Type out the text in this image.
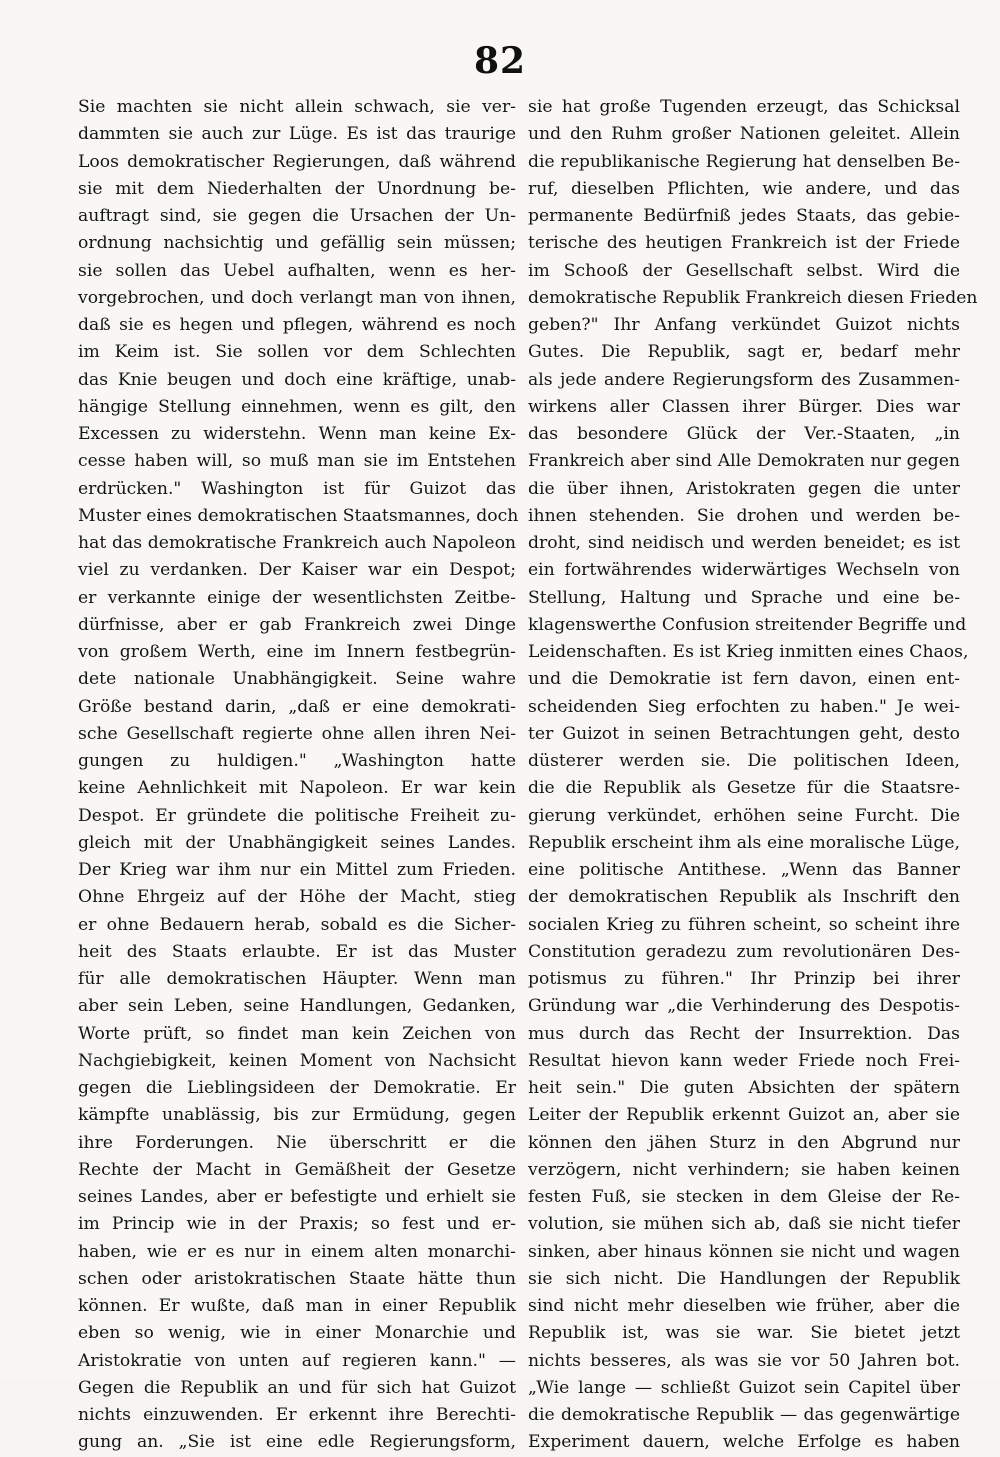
82
Sie machten sie nicht allein schwach, sie ver-
dammten sie auch zur Lüge. Es ist das traurige
Loos demokratischer Regierungen, daß während
sie mit dem Niederhalten der Unordnung be-
auftragt sind, sie gegen die Ursachen der Un-
ordnung nachsichtig und gefällig sein müssen;
sie sollen das Uebel aufhalten, wenn es her-
vorgebrochen, und doch verlangt man von ihnen,
daß sie es hegen und pflegen, während es noch
im Keim ist. Sie sollen vor dem Schlechten
das Knie beugen und doch eine kräftige, unab-
hängige Stellung einnehmen, wenn es gilt, den
Excessen zu widerstehn. Wenn man keine Ex-
cesse haben will, so muß man sie im Entstehen
erdrücken." Washington ist für Guizot das
Muster eines demokratischen Staatsmannes, doch
hat das demokratische Frankreich auch Napoleon
viel zu verdanken. Der Kaiser war ein Despot;
er verkannte einige der wesentlichsten Zeitbe-
dürfnisse, aber er gab Frankreich zwei Dinge
von großem Werth, eine im Innern festbegrün-
dete nationale Unabhängigkeit. Seine wahre
Größe bestand darin, „daß er eine demokrati-
sche Gesellschaft regierte ohne allen ihren Nei-
gungen zu huldigen." „Washington hatte
keine Aehnlichkeit mit Napoleon. Er war kein
Despot. Er gründete die politische Freiheit zu-
gleich mit der Unabhängigkeit seines Landes.
Der Krieg war ihm nur ein Mittel zum Frieden.
Ohne Ehrgeiz auf der Höhe der Macht, stieg
er ohne Bedauern herab, sobald es die Sicher-
heit des Staats erlaubte. Er ist das Muster
für alle demokratischen Häupter. Wenn man
aber sein Leben, seine Handlungen, Gedanken,
Worte prüft, so findet man kein Zeichen von
Nachgiebigkeit, keinen Moment von Nachsicht
gegen die Lieblingsideen der Demokratie. Er
kämpfte unablässig, bis zur Ermüdung, gegen
ihre Forderungen. Nie überschritt er die
Rechte der Macht in Gemäßheit der Gesetze
seines Landes, aber er befestigte und erhielt sie
im Princip wie in der Praxis; so fest und er-
haben, wie er es nur in einem alten monarchi-
schen oder aristokratischen Staate hätte thun
können. Er wußte, daß man in einer Republik
eben so wenig, wie in einer Monarchie und
Aristokratie von unten auf regieren kann." —
Gegen die Republik an und für sich hat Guizot
nichts einzuwenden. Er erkennt ihre Berechti-
gung an. „Sie ist eine edle Regierungsform,
sie hat große Tugenden erzeugt, das Schicksal
und den Ruhm großer Nationen geleitet. Allein
die republikanische Regierung hat denselben Be-
ruf, dieselben Pflichten, wie andere, und das
permanente Bedürfniß jedes Staats, das gebie-
terische des heutigen Frankreich ist der Friede
im Schooß der Gesellschaft selbst. Wird die
demokratische Republik Frankreich diesen Frieden
geben?" Ihr Anfang verkündet Guizot nichts
Gutes. Die Republik, sagt er, bedarf mehr
als jede andere Regierungsform des Zusammen-
wirkens aller Classen ihrer Bürger. Dies war
das besondere Glück der Ver.-Staaten, „in
Frankreich aber sind Alle Demokraten nur gegen
die über ihnen, Aristokraten gegen die unter
ihnen stehenden. Sie drohen und werden be-
droht, sind neidisch und werden beneidet; es ist
ein fortwährendes widerwärtiges Wechseln von
Stellung, Haltung und Sprache und eine be-
klagenswerthe Confusion streitender Begriffe und
Leidenschaften. Es ist Krieg inmitten eines Chaos,
und die Demokratie ist fern davon, einen ent-
scheidenden Sieg erfochten zu haben." Je wei-
ter Guizot in seinen Betrachtungen geht, desto
düsterer werden sie. Die politischen Ideen,
die die Republik als Gesetze für die Staatsre-
gierung verkündet, erhöhen seine Furcht. Die
Republik erscheint ihm als eine moralische Lüge,
eine politische Antithese. „Wenn das Banner
der demokratischen Republik als Inschrift den
socialen Krieg zu führen scheint, so scheint ihre
Constitution geradezu zum revolutionären Des-
potismus zu führen." Ihr Prinzip bei ihrer
Gründung war „die Verhinderung des Despotis-
mus durch das Recht der Insurrektion. Das
Resultat hievon kann weder Friede noch Frei-
heit sein." Die guten Absichten der spätern
Leiter der Republik erkennt Guizot an, aber sie
können den jähen Sturz in den Abgrund nur
verzögern, nicht verhindern; sie haben keinen
festen Fuß, sie stecken in dem Gleise der Re-
volution, sie mühen sich ab, daß sie nicht tiefer
sinken, aber hinaus können sie nicht und wagen
sie sich nicht. Die Handlungen der Republik
sind nicht mehr dieselben wie früher, aber die
Republik ist, was sie war. Sie bietet jetzt
nichts besseres, als was sie vor 50 Jahren bot.
„Wie lange — schließt Guizot sein Capitel über
die demokratische Republik — das gegenwärtige
Experiment dauern, welche Erfolge es haben
